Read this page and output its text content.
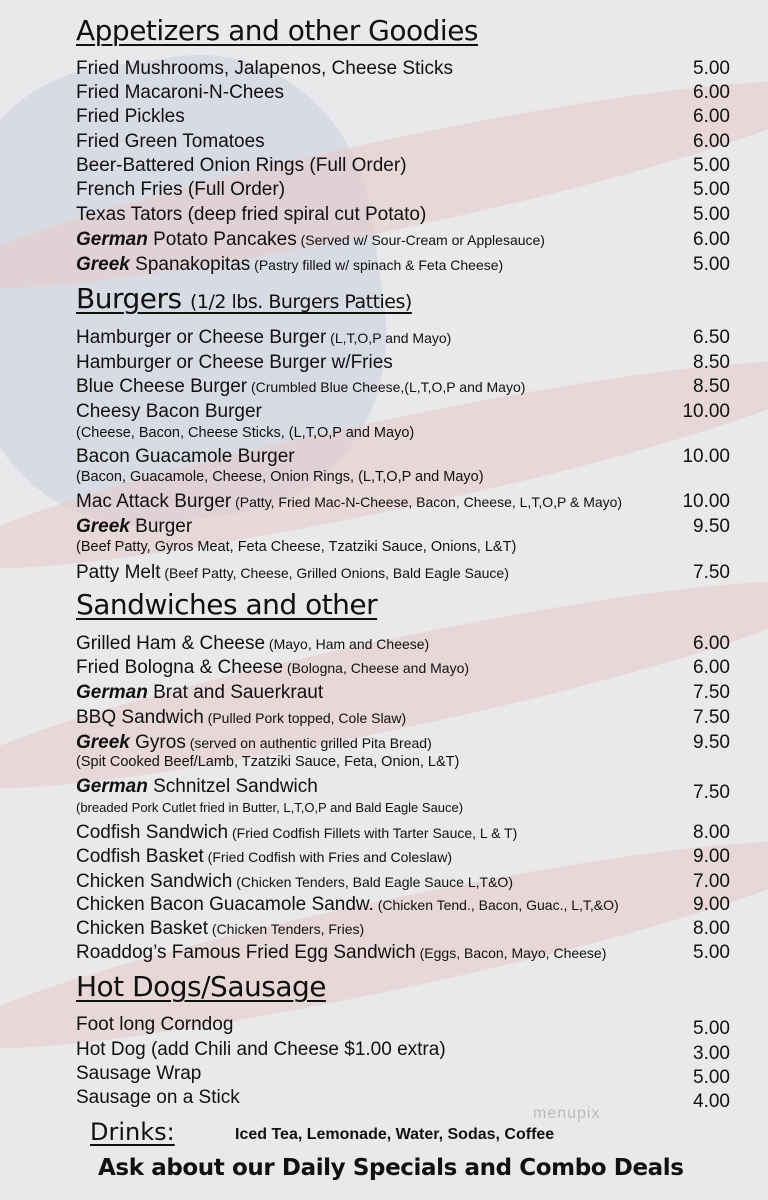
Appetizers and other Goodies
Fried Mushrooms, Jalapenos, Cheese Sticks	5.00
Fried Macaroni-N-Chees	6.00
Fried Pickles	6.00
Fried Green Tomatoes	6.00
Beer-Battered Onion Rings (Full Order)	5.00
French Fries (Full Order)	5.00
Texas Tators (deep fried spiral cut Potato)	5.00
German Potato Pancakes (Served w/ Sour-Cream or Applesauce)	6.00
Greek Spanakopitas (Pastry filled w/ spinach & Feta Cheese)	5.00
Burgers (1/2 lbs. Burgers Patties)
Hamburger or Cheese Burger (L,T,O,P and Mayo)	6.50
Hamburger or Cheese Burger w/Fries	8.50
Blue Cheese Burger (Crumbled Blue Cheese,(L,T,O,P and Mayo)	8.50
Cheesy Bacon Burger	10.00
(Cheese, Bacon, Cheese Sticks, (L,T,O,P and Mayo)
Bacon Guacamole Burger	10.00
(Bacon, Guacamole, Cheese, Onion Rings, (L,T,O,P and Mayo)
Mac Attack Burger (Patty, Fried Mac-N-Cheese, Bacon, Cheese, L,T,O,P & Mayo)	10.00
Greek Burger	9.50
(Beef Patty, Gyros Meat, Feta Cheese, Tzatziki Sauce, Onions, L&T)
Patty Melt (Beef Patty, Cheese, Grilled Onions, Bald Eagle Sauce)	7.50
Sandwiches and other
Grilled Ham & Cheese (Mayo, Ham and Cheese)	6.00
Fried Bologna & Cheese (Bologna, Cheese and Mayo)	6.00
German Brat and Sauerkraut	7.50
BBQ Sandwich (Pulled Pork topped, Cole Slaw)	7.50
Greek Gyros (served on authentic grilled Pita Bread)	9.50
(Spit Cooked Beef/Lamb, Tzatziki Sauce, Feta, Onion, L&T)
German Schnitzel Sandwich	7.50
(breaded Pork Cutlet fried in Butter, L,T,O,P and Bald Eagle Sauce)
Codfish Sandwich (Fried Codfish Fillets with Tarter Sauce, L & T)	8.00
Codfish Basket (Fried Codfish with Fries and Coleslaw)	9.00
Chicken Sandwich (Chicken Tenders, Bald Eagle Sauce L,T&O)	7.00
Chicken Bacon Guacamole Sandw. (Chicken Tend., Bacon, Guac., L,T,&O)	9.00
Chicken Basket (Chicken Tenders, Fries)	8.00
Roaddog’s Famous Fried Egg Sandwich (Eggs, Bacon, Mayo, Cheese)	5.00
Hot Dogs/Sausage
Foot long Corndog	5.00
Hot Dog (add Chili and Cheese $1.00 extra)	3.00
Sausage Wrap	5.00
Sausage on a Stick	4.00
menupix
Drinks:	Iced Tea, Lemonade, Water, Sodas, Coffee
Ask about our Daily Specials and Combo Deals
